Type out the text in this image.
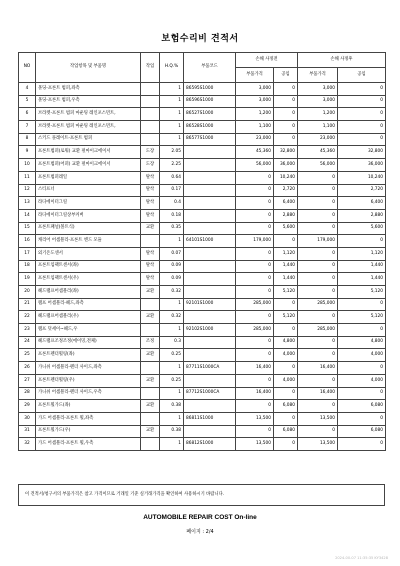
보험수리비 견적서
NO	작업항목 및 부품명	작업	H.Q.%	부품코드	손해 사정전		손해 사정후	
					부품가격	공임	부품가격	공임
4	몰딩-프론트 범퍼,좌측		1	86595S1000	3,000	0	3,000	0
5	몰딩-프론트 범퍼,우측		1	86596S1000	3,000	0	3,000	0
6	브라켓-프론트 범퍼 마운팅 레인포스먼트,		1	86527S1000	1,200	0	1,200	0
7	브라켓-프론트 범퍼 마운팅 레인포스먼트,		1	86528S1000	1,100	0	1,100	0
8	스키드 플레이트-프론트 범퍼		1	86577S1000	23,000	0	23,000	0
9	프론트범퍼(로워) 교환 펄마이크에이서	도장	2.05		45,360	32,800	45,360	32,800
10	프론트범퍼(어퍼) 교환 펄마이크에이서	도장	2.25		56,000	36,000	56,000	36,000
11	프론트범퍼레일	탈착	0.64		0	10,240	0	10,240
12	스티프너	탈착	0.17		0	2,720	0	2,720
13	라디에이터그릴	탈착	0.4		0	6,400	0	6,400
14	라디에이터그릴상부커버	탈착	0.18		0	2,880	0	2,880
15	프론트패널(볼트식)	교환	0.35		0	5,600	0	5,600
16	캐리어 어셈블리-프론트 엔드 모듈		1	64101S1000	179,000	0	179,000	0
17	외기온도센서	탈착	0.07		0	1,120	0	1,120
18	프론트임팩트센서(좌)	탈착	0.09		0	1,440	0	1,440
19	프론트임팩트센서(우)	탈착	0.09		0	1,440	0	1,440
20	헤드램프어셈블리(좌)	교환	0.32		0	5,120	0	5,120
21	램프 어셈블리-헤드,좌측		1	92101S1000	285,000	0	285,000	0
22	헤드램프어셈블리(우)	교환	0.32		0	5,120	0	5,120
23	램프 덧세이~헤드,우		1	92102S1000	285,000	0	285,000	0
24	헤드램프조정조정(에이밍,전체)	조정	0.3		0	4,800	0	4,800
25	프론트펜더휠링(좌)	교환	0.25		0	4,000	0	4,000
26	가니쉬 어셈블리-펜더 사이드,좌측		1	87711S1000CA	16,400	0	16,400	0
27	프론트펜더휠링(우)	교환	0.25		0	4,000	0	4,000
28	가니쉬 어셈블리-펜더 사이드,우측		1	87712S1000CA	16,400	0	16,400	0
29	프론트휠가드(좌)	교환	0.38		0	6,080	0	6,080
30	가드 어셈블리-프론트 휠,좌측		1	86811S1000	13,500	0	13,500	0
31	프론트휠가드(우)	교환	0.38		0	6,080	0	6,080
32	가드 어셈블리-프론트 휠,우측		1	86812S1000	13,500	0	13,500	0
이 견적서/청구서의 부품가격은 참고 가격이므로 거래일 기준 실거래가격을 확인하여 사용하시기 바랍니다.
AUTOMOBILE REPAIR COST On-line
페이지 : 2/4
2024-00-07 11:35:35 KY3428
